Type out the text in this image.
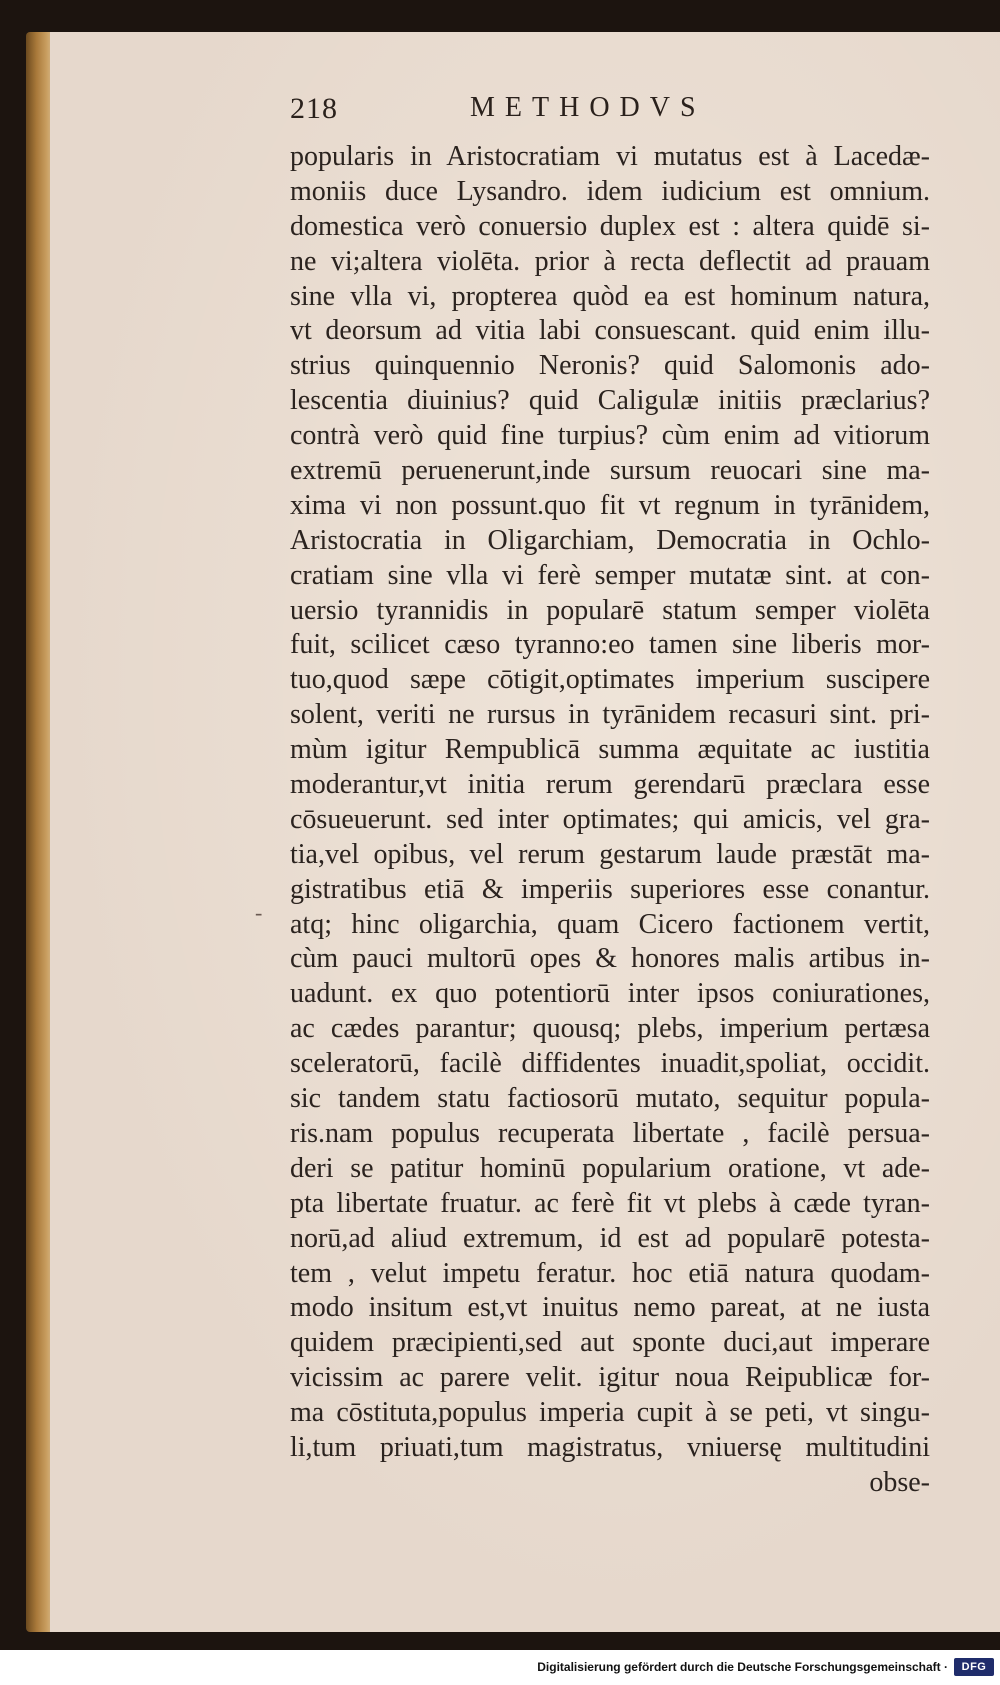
218	METHODVS
-
popularis in Aristocratiam vi mutatus est à Lacedæ-
moniis duce Lysandro. idem iudicium est omnium.
domestica verò conuersio duplex est : altera quidē si-
ne vi;altera violēta. prior à recta deflectit ad prauam
sine vlla vi, propterea quòd ea est hominum natura,
vt deorsum ad vitia labi consuescant. quid enim illu-
strius quinquennio Neronis? quid Salomonis ado-
lescentia diuinius? quid Caligulæ initiis præclarius?
contrà verò quid fine turpius? cùm enim ad vitiorum
extremū peruenerunt,inde sursum reuocari sine ma-
xima vi non possunt.quo fit vt regnum in tyrānidem,
Aristocratia in Oligarchiam, Democratia in Ochlo-
cratiam sine vlla vi ferè semper mutatæ sint. at con-
uersio tyrannidis in popularē statum semper violēta
fuit, scilicet cæso tyranno:eo tamen sine liberis mor-
tuo,quod sæpe cōtigit,optimates imperium suscipere
solent, veriti ne rursus in tyrānidem recasuri sint. pri-
mùm igitur Rempublicā summa æquitate ac iustitia
moderantur,vt initia rerum gerendarū præclara esse
cōsueuerunt. sed inter optimates; qui amicis, vel gra-
tia,vel opibus, vel rerum gestarum laude præstāt ma-
gistratibus etiā & imperiis superiores esse conantur.
atq; hinc oligarchia, quam Cicero factionem vertit,
cùm pauci multorū opes & honores malis artibus in-
uadunt. ex quo potentiorū inter ipsos coniurationes,
ac cædes parantur; quousq; plebs, imperium pertæsa
sceleratorū, facilè diffidentes inuadit,spoliat, occidit.
sic tandem statu factiosorū mutato, sequitur popula-
ris.nam populus recuperata libertate , facilè persua-
deri se patitur hominū popularium oratione, vt ade-
pta libertate fruatur. ac ferè fit vt plebs à cæde tyran-
norū,ad aliud extremum, id est ad popularē potesta-
tem , velut impetu feratur. hoc etiā natura quodam-
modo insitum est,vt inuitus nemo pareat, at ne iusta
quidem præcipienti,sed aut sponte duci,aut imperare
vicissim ac parere velit. igitur noua Reipublicæ for-
ma cōstituta,populus imperia cupit à se peti, vt singu-
li,tum priuati,tum magistratus, vniuersę multitudini
obse-
Digitalisierung gefördert durch die Deutsche Forschungsgemeinschaft ·	DFG
